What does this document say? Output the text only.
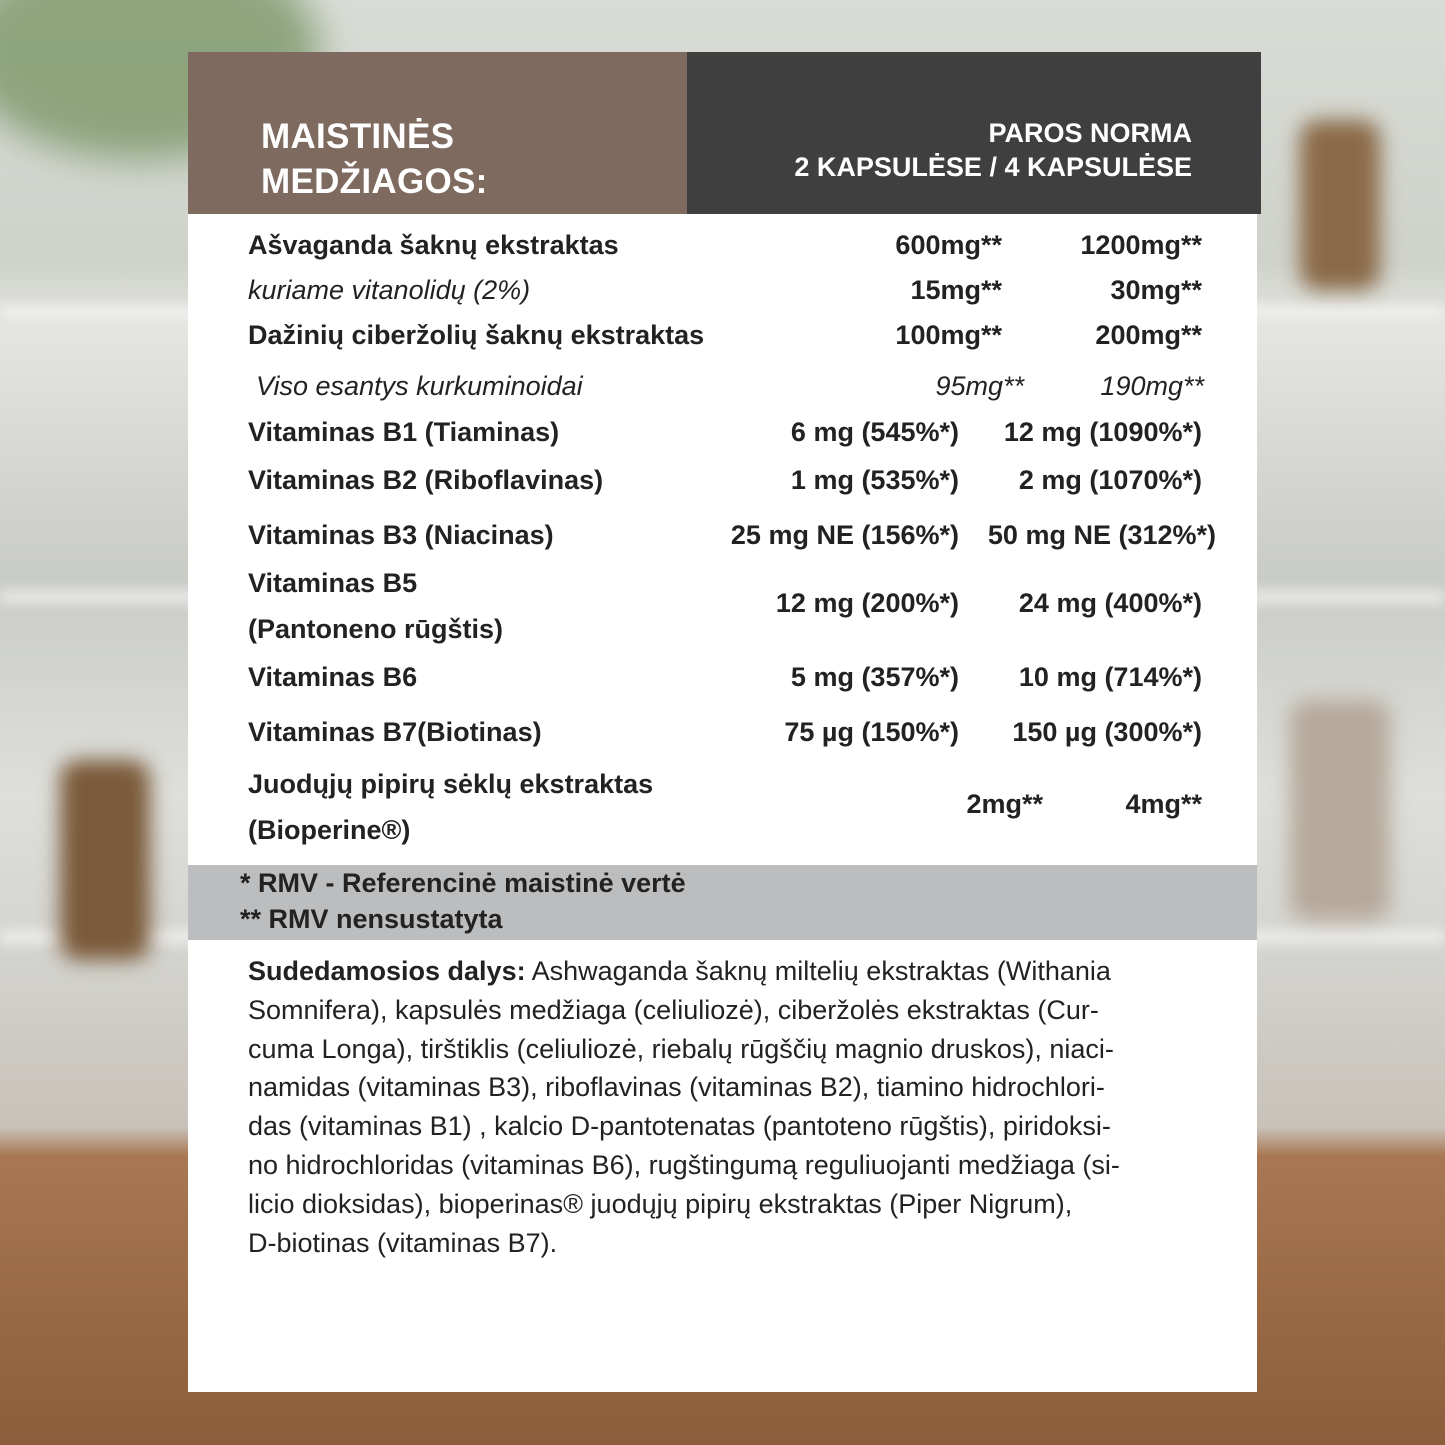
MAISTINĖS
MEDŽIAGOS:
PAROS NORMA
2 KAPSULĖSE / 4 KAPSULĖSE
Ašvaganda šaknų ekstraktas	600mg**	1200mg**
kuriame vitanolidų (2%)	15mg**	30mg**
Dažinių ciberžolių šaknų ekstraktas	100mg**	200mg**
Viso esantys kurkuminoidai	95mg**	190mg**
Vitaminas B1 (Tiaminas)	6 mg (545%*) 12 mg (1090%*)
Vitaminas B2 (Riboflavinas)	1 mg (535%*) 2 mg (1070%*)
Vitaminas B3 (Niacinas)	25 mg NE (156%*) 50 mg NE (312%*)
Vitaminas B5
(Pantoneno rūgštis)
12 mg (200%*) 24 mg (400%*)
Vitaminas B6	5 mg (357%*) 10 mg (714%*)
Vitaminas B7(Biotinas)	75 µg (150%*) 150 µg (300%*)
Juodųjų pipirų sėklų ekstraktas
(Bioperine®)
2mg**	4mg**
* RMV - Referencinė maistinė vertė
** RMV nensustatyta
Sudedamosios dalys: Ashwaganda šaknų miltelių ekstraktas (Withania
Somnifera), kapsulės medžiaga (celiuliozė), ciberžolės ekstraktas (Cur-
cuma Longa), tirštiklis (celiuliozė, riebalų rūgščių magnio druskos), niaci-
namidas (vitaminas B3), riboflavinas (vitaminas B2), tiamino hidrochlori-
das (vitaminas B1) , kalcio D-pantotenatas (pantoteno rūgštis), piridoksi-
no hidrochloridas (vitaminas B6), rugštingumą reguliuojanti medžiaga (si-
licio dioksidas), bioperinas® juodųjų pipirų ekstraktas (Piper Nigrum),
D-biotinas (vitaminas B7).
